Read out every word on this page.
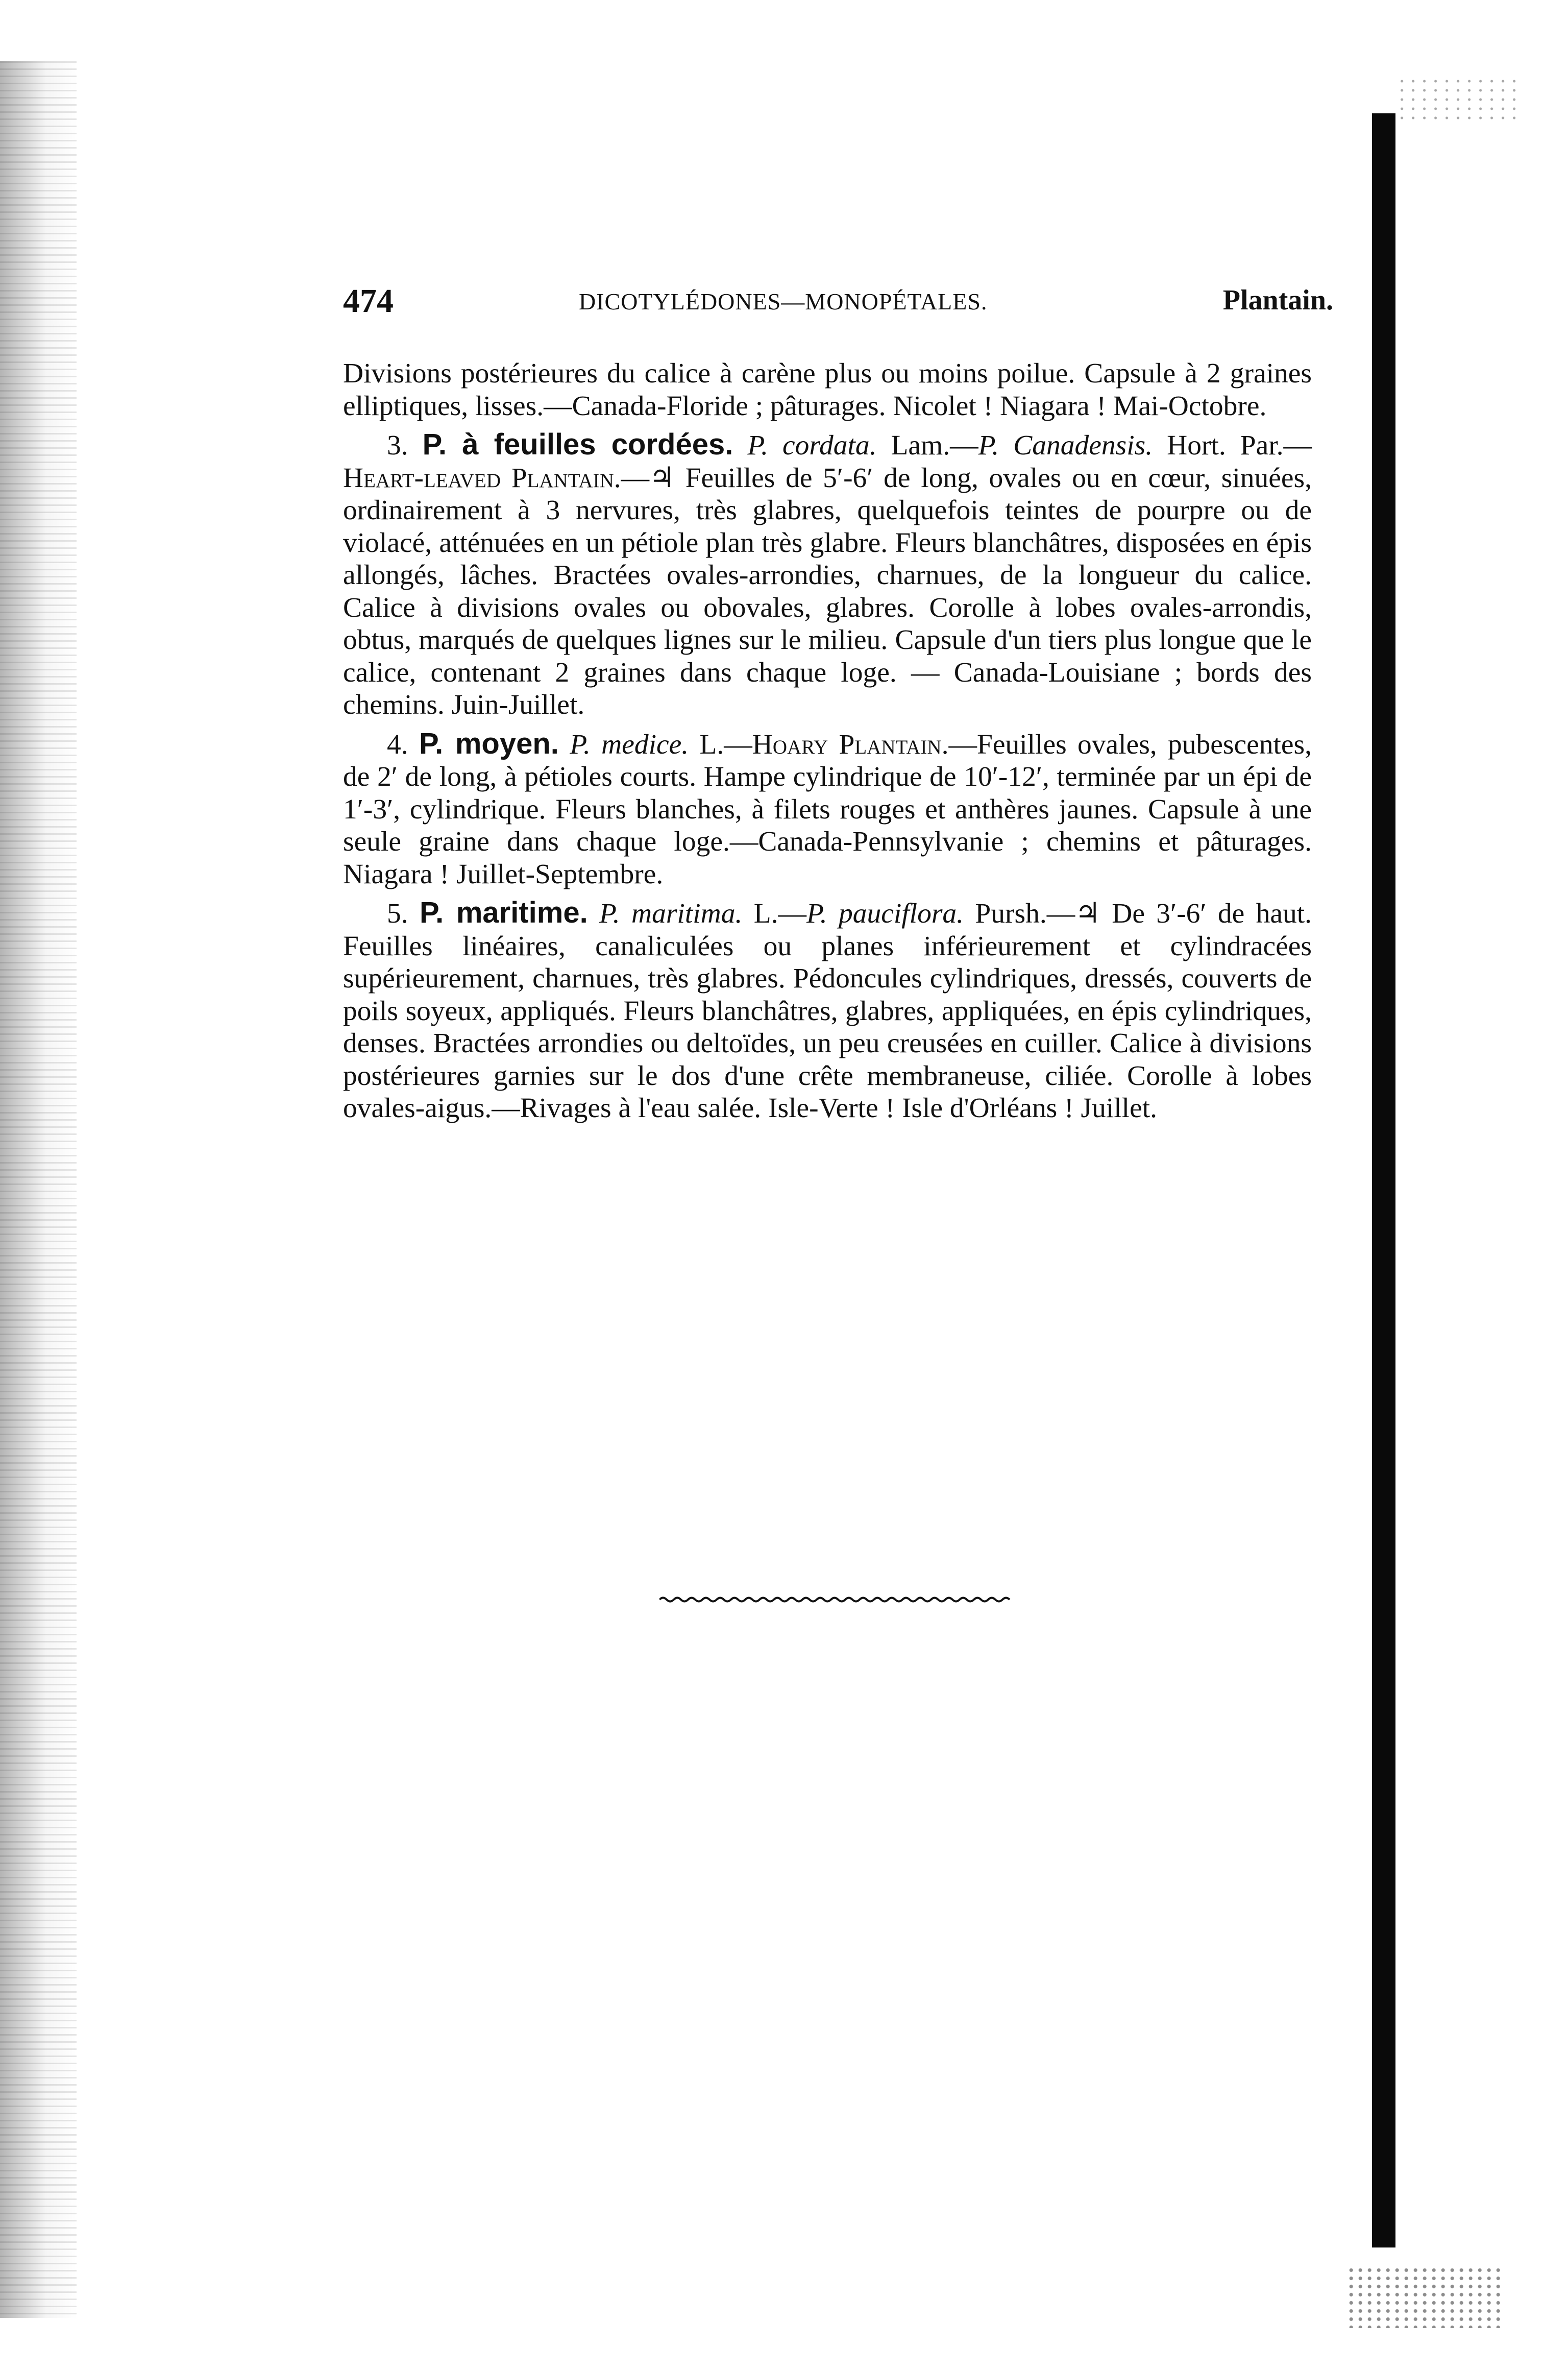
474	DICOTYLÉDONES—MONOPÉTALES.	Plantain.

Divisions postérieures du calice à carène plus ou moins poilue. Capsule à 2 graines elliptiques, lisses.—Canada-Floride ; pâturages. Nicolet ! Niagara ! Mai-Octobre.

3. P. à feuilles cordées. P. cordata. Lam.—P. Canadensis. Hort. Par.—Heart-leaved Plantain.—♃ Feuilles de 5′-6′ de long, ovales ou en cœur, sinuées, ordinairement à 3 nervures, très glabres, quelquefois teintes de pourpre ou de violacé, atténuées en un pétiole plan très glabre. Fleurs blanchâtres, disposées en épis allongés, lâches. Bractées ovales-arrondies, charnues, de la longueur du calice. Calice à divisions ovales ou obovales, glabres. Corolle à lobes ovales-arrondis, obtus, marqués de quelques lignes sur le milieu. Capsule d'un tiers plus longue que le calice, contenant 2 graines dans chaque loge. — Canada-Louisiane ; bords des chemins. Juin-Juillet.

4. P. moyen. P. medice. L.—Hoary Plantain.—Feuilles ovales, pubescentes, de 2′ de long, à pétioles courts. Hampe cylindrique de 10′-12′, terminée par un épi de 1′-3′, cylindrique. Fleurs blanches, à filets rouges et anthères jaunes. Capsule à une seule graine dans chaque loge.—Canada-Pennsylvanie ; chemins et pâturages. Niagara ! Juillet-Septembre.

5. P. maritime. P. maritima. L.—P. pauciflora. Pursh.—♃ De 3′-6′ de haut. Feuilles linéaires, canaliculées ou planes inférieurement et cylindracées supérieurement, charnues, très glabres. Pédoncules cylindriques, dressés, couverts de poils soyeux, appliqués. Fleurs blanchâtres, glabres, appliquées, en épis cylindriques, denses. Bractées arrondies ou deltoïdes, un peu creusées en cuiller. Calice à divisions postérieures garnies sur le dos d'une crête membraneuse, ciliée. Corolle à lobes ovales-aigus.—Rivages à l'eau salée. Isle-Verte ! Isle d'Orléans ! Juillet.
